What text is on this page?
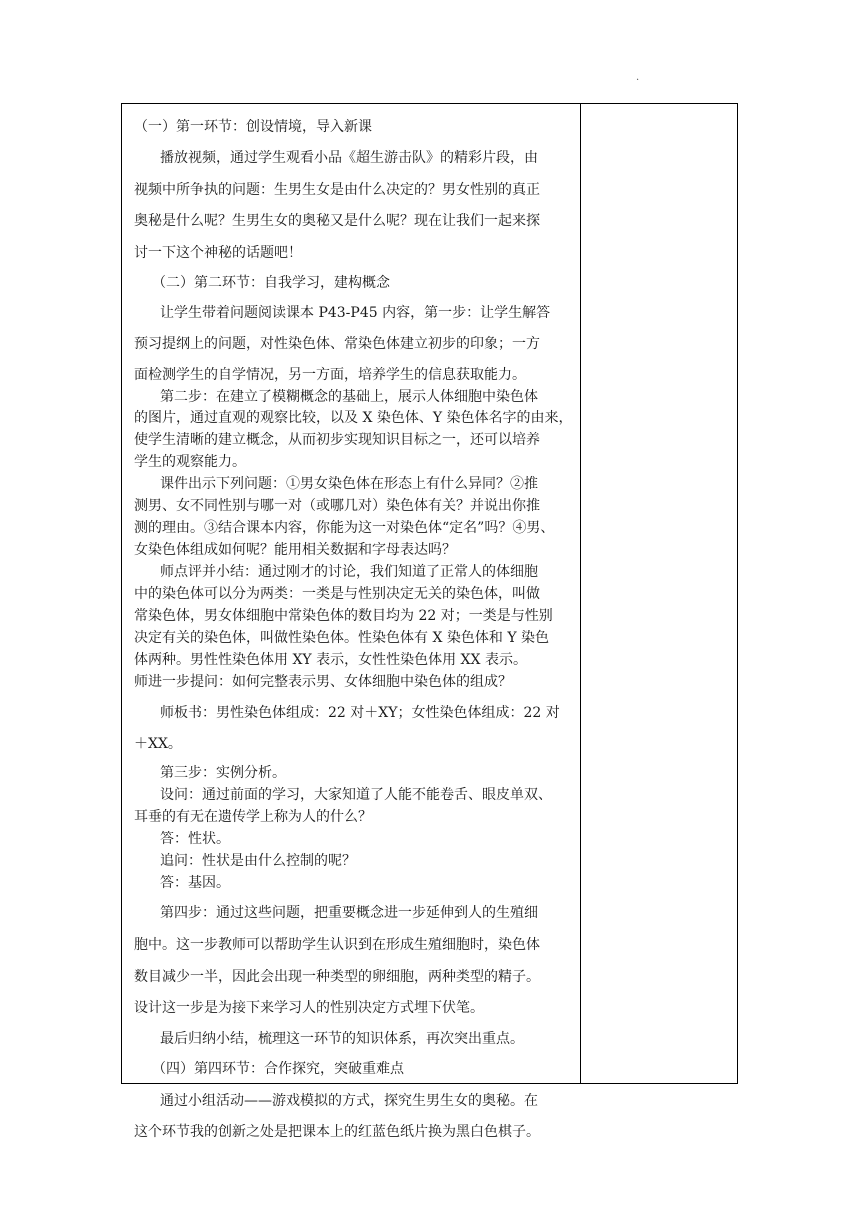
.
（一）第一环节：创设情境，导入新课
播放视频，通过学生观看小品《超生游击队》的精彩片段，由
视频中所争执的问题：生男生女是由什么决定的？男女性别的真正
奥秘是什么呢？生男生女的奥秘又是什么呢？现在让我们一起来探
讨一下这个神秘的话题吧！
（二）第二环节：自我学习，建构概念
让学生带着问题阅读课本 P43-P45 内容，第一步：让学生解答
预习提纲上的问题，对性染色体、常染色体建立初步的印象；一方
面检测学生的自学情况，另一方面，培养学生的信息获取能力。
第二步：在建立了模糊概念的基础上，展示人体细胞中染色体
的图片，通过直观的观察比较，以及 X 染色体、Y 染色体名字的由来，
使学生清晰的建立概念，从而初步实现知识目标之一，还可以培养
学生的观察能力。
课件出示下列问题：①男女染色体在形态上有什么异同？②推
测男、女不同性别与哪一对（或哪几对）染色体有关？并说出你推
测的理由。③结合课本内容，你能为这一对染色体“定名”吗？④男、
女染色体组成如何呢？能用相关数据和字母表达吗？
师点评并小结：通过刚才的讨论，我们知道了正常人的体细胞
中的染色体可以分为两类：一类是与性别决定无关的染色体，叫做
常染色体，男女体细胞中常染色体的数目均为 22 对；一类是与性别
决定有关的染色体，叫做性染色体。性染色体有 X 染色体和 Y 染色
体两种。男性性染色体用 XY 表示，女性性染色体用 XX 表示。
师进一步提问：如何完整表示男、女体细胞中染色体的组成？
师板书：男性染色体组成：22 对＋XY；女性染色体组成：22 对
＋XX。
第三步：实例分析。
设问：通过前面的学习，大家知道了人能不能卷舌、眼皮单双、
耳垂的有无在遗传学上称为人的什么？
答：性状。
追问：性状是由什么控制的呢？
答：基因。
第四步：通过这些问题，把重要概念进一步延伸到人的生殖细
胞中。这一步教师可以帮助学生认识到在形成生殖细胞时，染色体
数目减少一半，因此会出现一种类型的卵细胞，两种类型的精子。
设计这一步是为接下来学习人的性别决定方式埋下伏笔。
最后归纳小结，梳理这一环节的知识体系，再次突出重点。
（四）第四环节：合作探究，突破重难点
通过小组活动——游戏模拟的方式，探究生男生女的奥秘。在
这个环节我的创新之处是把课本上的红蓝色纸片换为黑白色棋子。
